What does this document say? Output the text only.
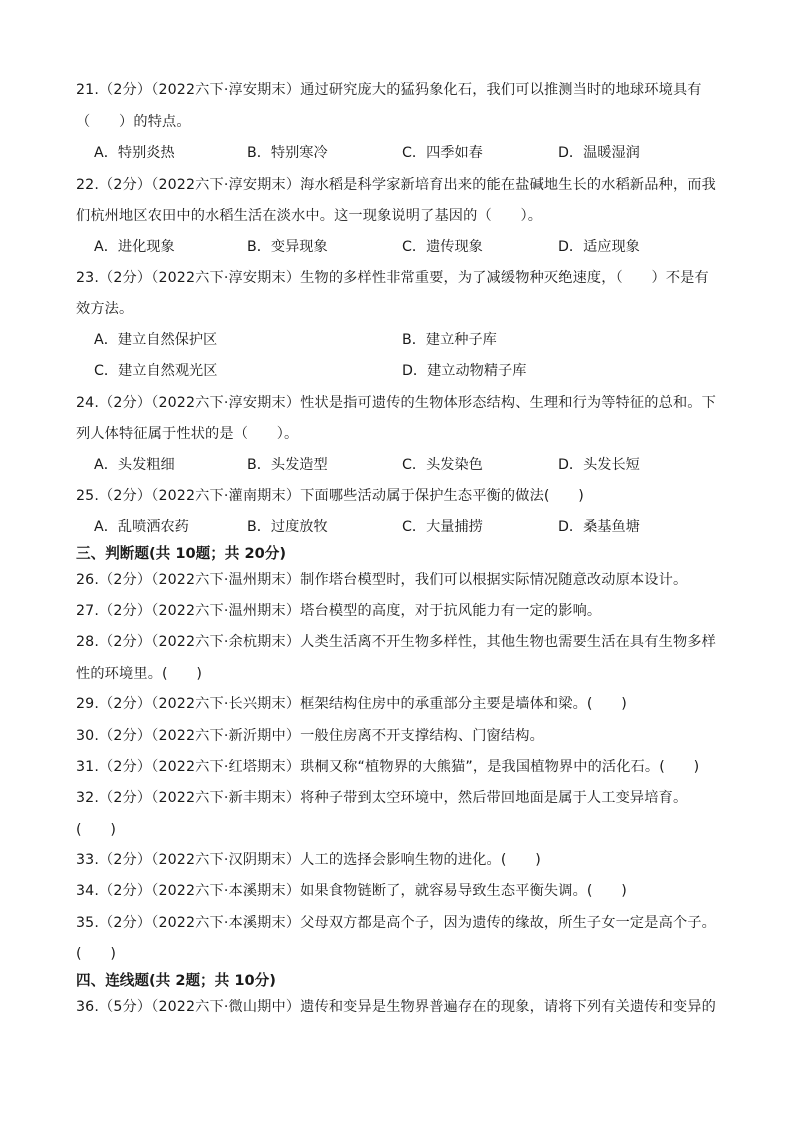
21.（2分）（2022六下·淳安期末）通过研究庞大的猛犸象化石，我们可以推测当时的地球环境具有
（　　）的特点。
A．特别炎热	B．特别寒冷	C．四季如春	D．温暖湿润
22.（2分）（2022六下·淳安期末）海水稻是科学家新培育出来的能在盐碱地生长的水稻新品种，而我
们杭州地区农田中的水稻生活在淡水中。这一现象说明了基因的（　　）。
A．进化现象	B．变异现象	C．遗传现象	D．适应现象
23.（2分）（2022六下·淳安期末）生物的多样性非常重要，为了减缓物种灭绝速度，（　　）不是有
效方法。
A．建立自然保护区	B．建立种子库
C．建立自然观光区	D．建立动物精子库
24.（2分）（2022六下·淳安期末）性状是指可遗传的生物体形态结构、生理和行为等特征的总和。下
列人体特征属于性状的是（　　）。
A．头发粗细	B．头发造型	C．头发染色	D．头发长短
25.（2分）（2022六下·灌南期末）下面哪些活动属于保护生态平衡的做法(　　)
A．乱喷洒农药	B．过度放牧	C．大量捕捞	D．桑基鱼塘
三、判断题(共 10题；共 20分)
26.（2分）（2022六下·温州期末）制作塔台模型时，我们可以根据实际情况随意改动原本设计。
27.（2分）（2022六下·温州期末）塔台模型的高度，对于抗风能力有一定的影响。
28.（2分）（2022六下·余杭期末）人类生活离不开生物多样性，其他生物也需要生活在具有生物多样
性的环境里。(　　)
29.（2分）（2022六下·长兴期末）框架结构住房中的承重部分主要是墙体和梁。(　　)
30.（2分）（2022六下·新沂期中）一般住房离不开支撑结构、门窗结构。
31.（2分）（2022六下·红塔期末）珙桐又称“植物界的大熊猫”，是我国植物界中的活化石。(　　)
32.（2分）（2022六下·新丰期末）将种子带到太空环境中，然后带回地面是属于人工变异培育。
(　　)
33.（2分）（2022六下·汉阴期末）人工的选择会影响生物的进化。(　　)
34.（2分）（2022六下·本溪期末）如果食物链断了，就容易导致生态平衡失调。(　　)
35.（2分）（2022六下·本溪期末）父母双方都是高个子，因为遗传的缘故，所生子女一定是高个子。
(　　)
四、连线题(共 2题；共 10分)
36.（5分）（2022六下·微山期中）遗传和变异是生物界普遍存在的现象，请将下列有关遗传和变异的
